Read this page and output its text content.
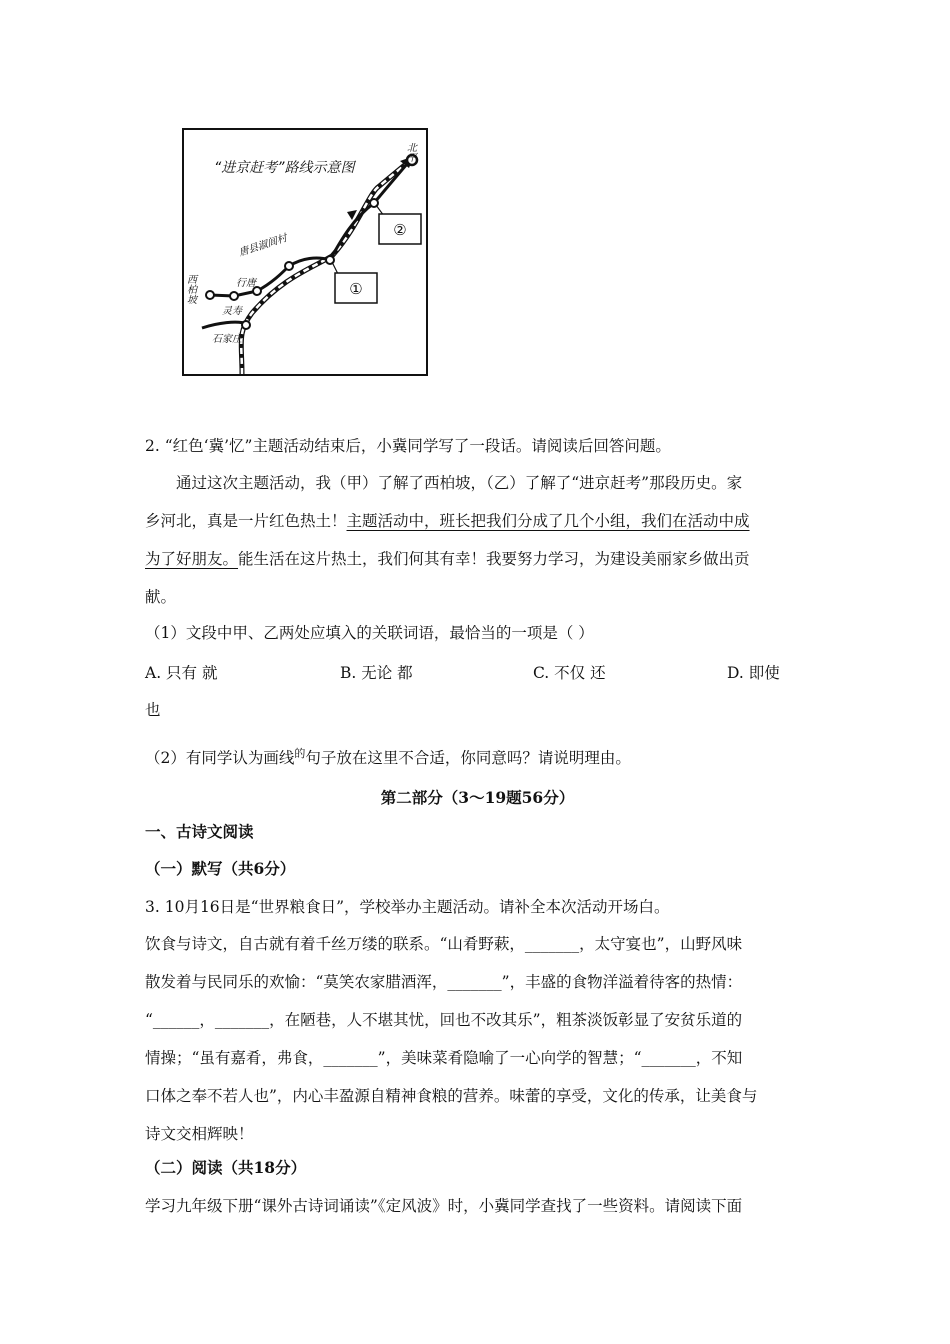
“进京赶考”路线示意图
北平
西柏坡
唐县淑闾村
行唐
灵寿
石家庄
①
②
2. “红色‘冀’忆”主题活动结束后，小冀同学写了一段话。请阅读后回答问题。
通过这次主题活动，我（甲）了解了西柏坡，（乙）了解了“进京赶考”那段历史。家
乡河北，真是一片红色热土！主题活动中，班长把我们分成了几个小组，我们在活动中成
为了好朋友。能生活在这片热土，我们何其有幸！我要努力学习，为建设美丽家乡做出贡
献。
（1）文段中甲、乙两处应填入的关联词语，最恰当的一项是（ ）
A. 只有 就	B. 无论 都	C. 不仅 还	D. 即使
也
（2）有同学认为画线$^的$句子放在这里不合适，你同意吗？请说明理由。
第二部分（3～19题56分）
一、古诗文阅读
（一）默写（共6分）
3. 10月16日是“世界粮食日”，学校举办主题活动。请补全本次活动开场白。
饮食与诗文，自古就有着千丝万缕的联系。“山肴野蔌，_______，太守宴也”，山野风味
散发着与民同乐的欢愉：“莫笑农家腊酒浑，_______”，丰盛的食物洋溢着待客的热情：
“______，_______，在陋巷，人不堪其忧，回也不改其乐”，粗茶淡饭彰显了安贫乐道的
情操；“虽有嘉肴，弗食，_______”，美味菜肴隐喻了一心向学的智慧；“_______，不知
口体之奉不若人也”，内心丰盈源自精神食粮的营养。味蕾的享受，文化的传承，让美食与
诗文交相辉映！
（二）阅读（共18分）
学习九年级下册“课外古诗词诵读”《定风波》时，小冀同学查找了一些资料。请阅读下面
